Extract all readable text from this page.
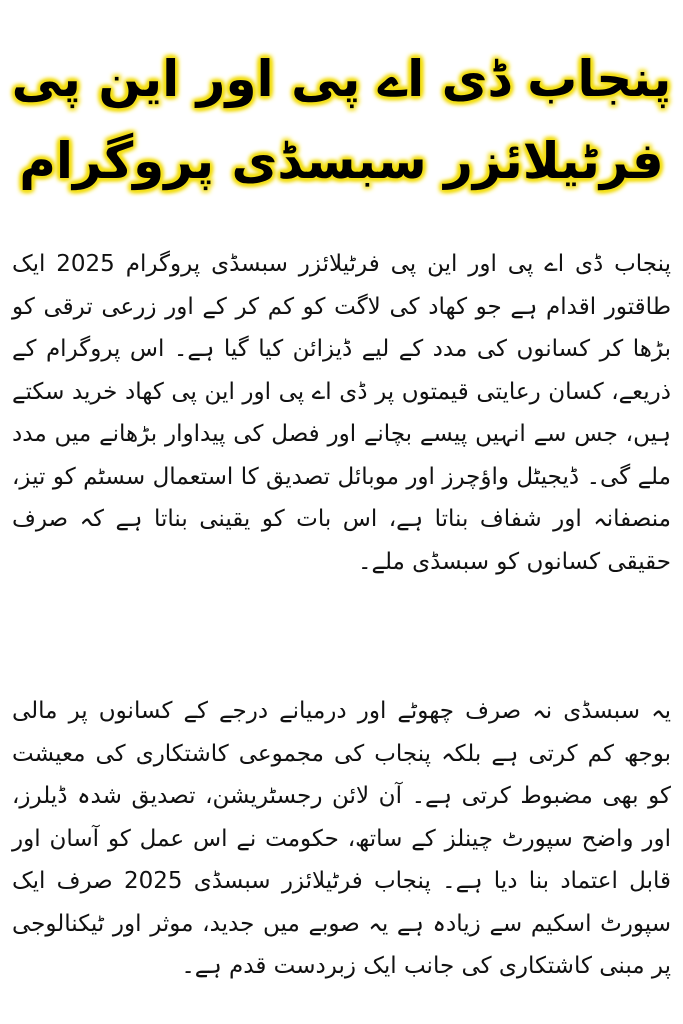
پنجاب ڈی اے پی اور این پی
فرٹیلائزر سبسڈی پروگرام

پنجاب ڈی اے پی اور این پی فرٹیلائزر سبسڈی پروگرام 2025 ایک طاقتور اقدام ہے جو کھاد کی لاگت کو کم کر کے اور زرعی ترقی کو بڑھا کر کسانوں کی مدد کے لیے ڈیزائن کیا گیا ہے۔ اس پروگرام کے ذریعے، کسان رعایتی قیمتوں پر ڈی اے پی اور این پی کھاد خرید سکتے ہیں، جس سے انہیں پیسے بچانے اور فصل کی پیداوار بڑھانے میں مدد ملے گی۔ ڈیجیٹل واؤچرز اور موبائل تصدیق کا استعمال سسٹم کو تیز، منصفانہ اور شفاف بناتا ہے، اس بات کو یقینی بناتا ہے کہ صرف حقیقی کسانوں کو سبسڈی ملے۔

یہ سبسڈی نہ صرف چھوٹے اور درمیانے درجے کے کسانوں پر مالی بوجھ کم کرتی ہے بلکہ پنجاب کی مجموعی کاشتکاری کی معیشت کو بھی مضبوط کرتی ہے۔ آن لائن رجسٹریشن، تصدیق شدہ ڈیلرز، اور واضح سپورٹ چینلز کے ساتھ، حکومت نے اس عمل کو آسان اور قابل اعتماد بنا دیا ہے۔ پنجاب فرٹیلائزر سبسڈی 2025 صرف ایک سپورٹ اسکیم سے زیادہ ہے یہ صوبے میں جدید، موثر اور ٹیکنالوجی پر مبنی کاشتکاری کی جانب ایک زبردست قدم ہے۔
